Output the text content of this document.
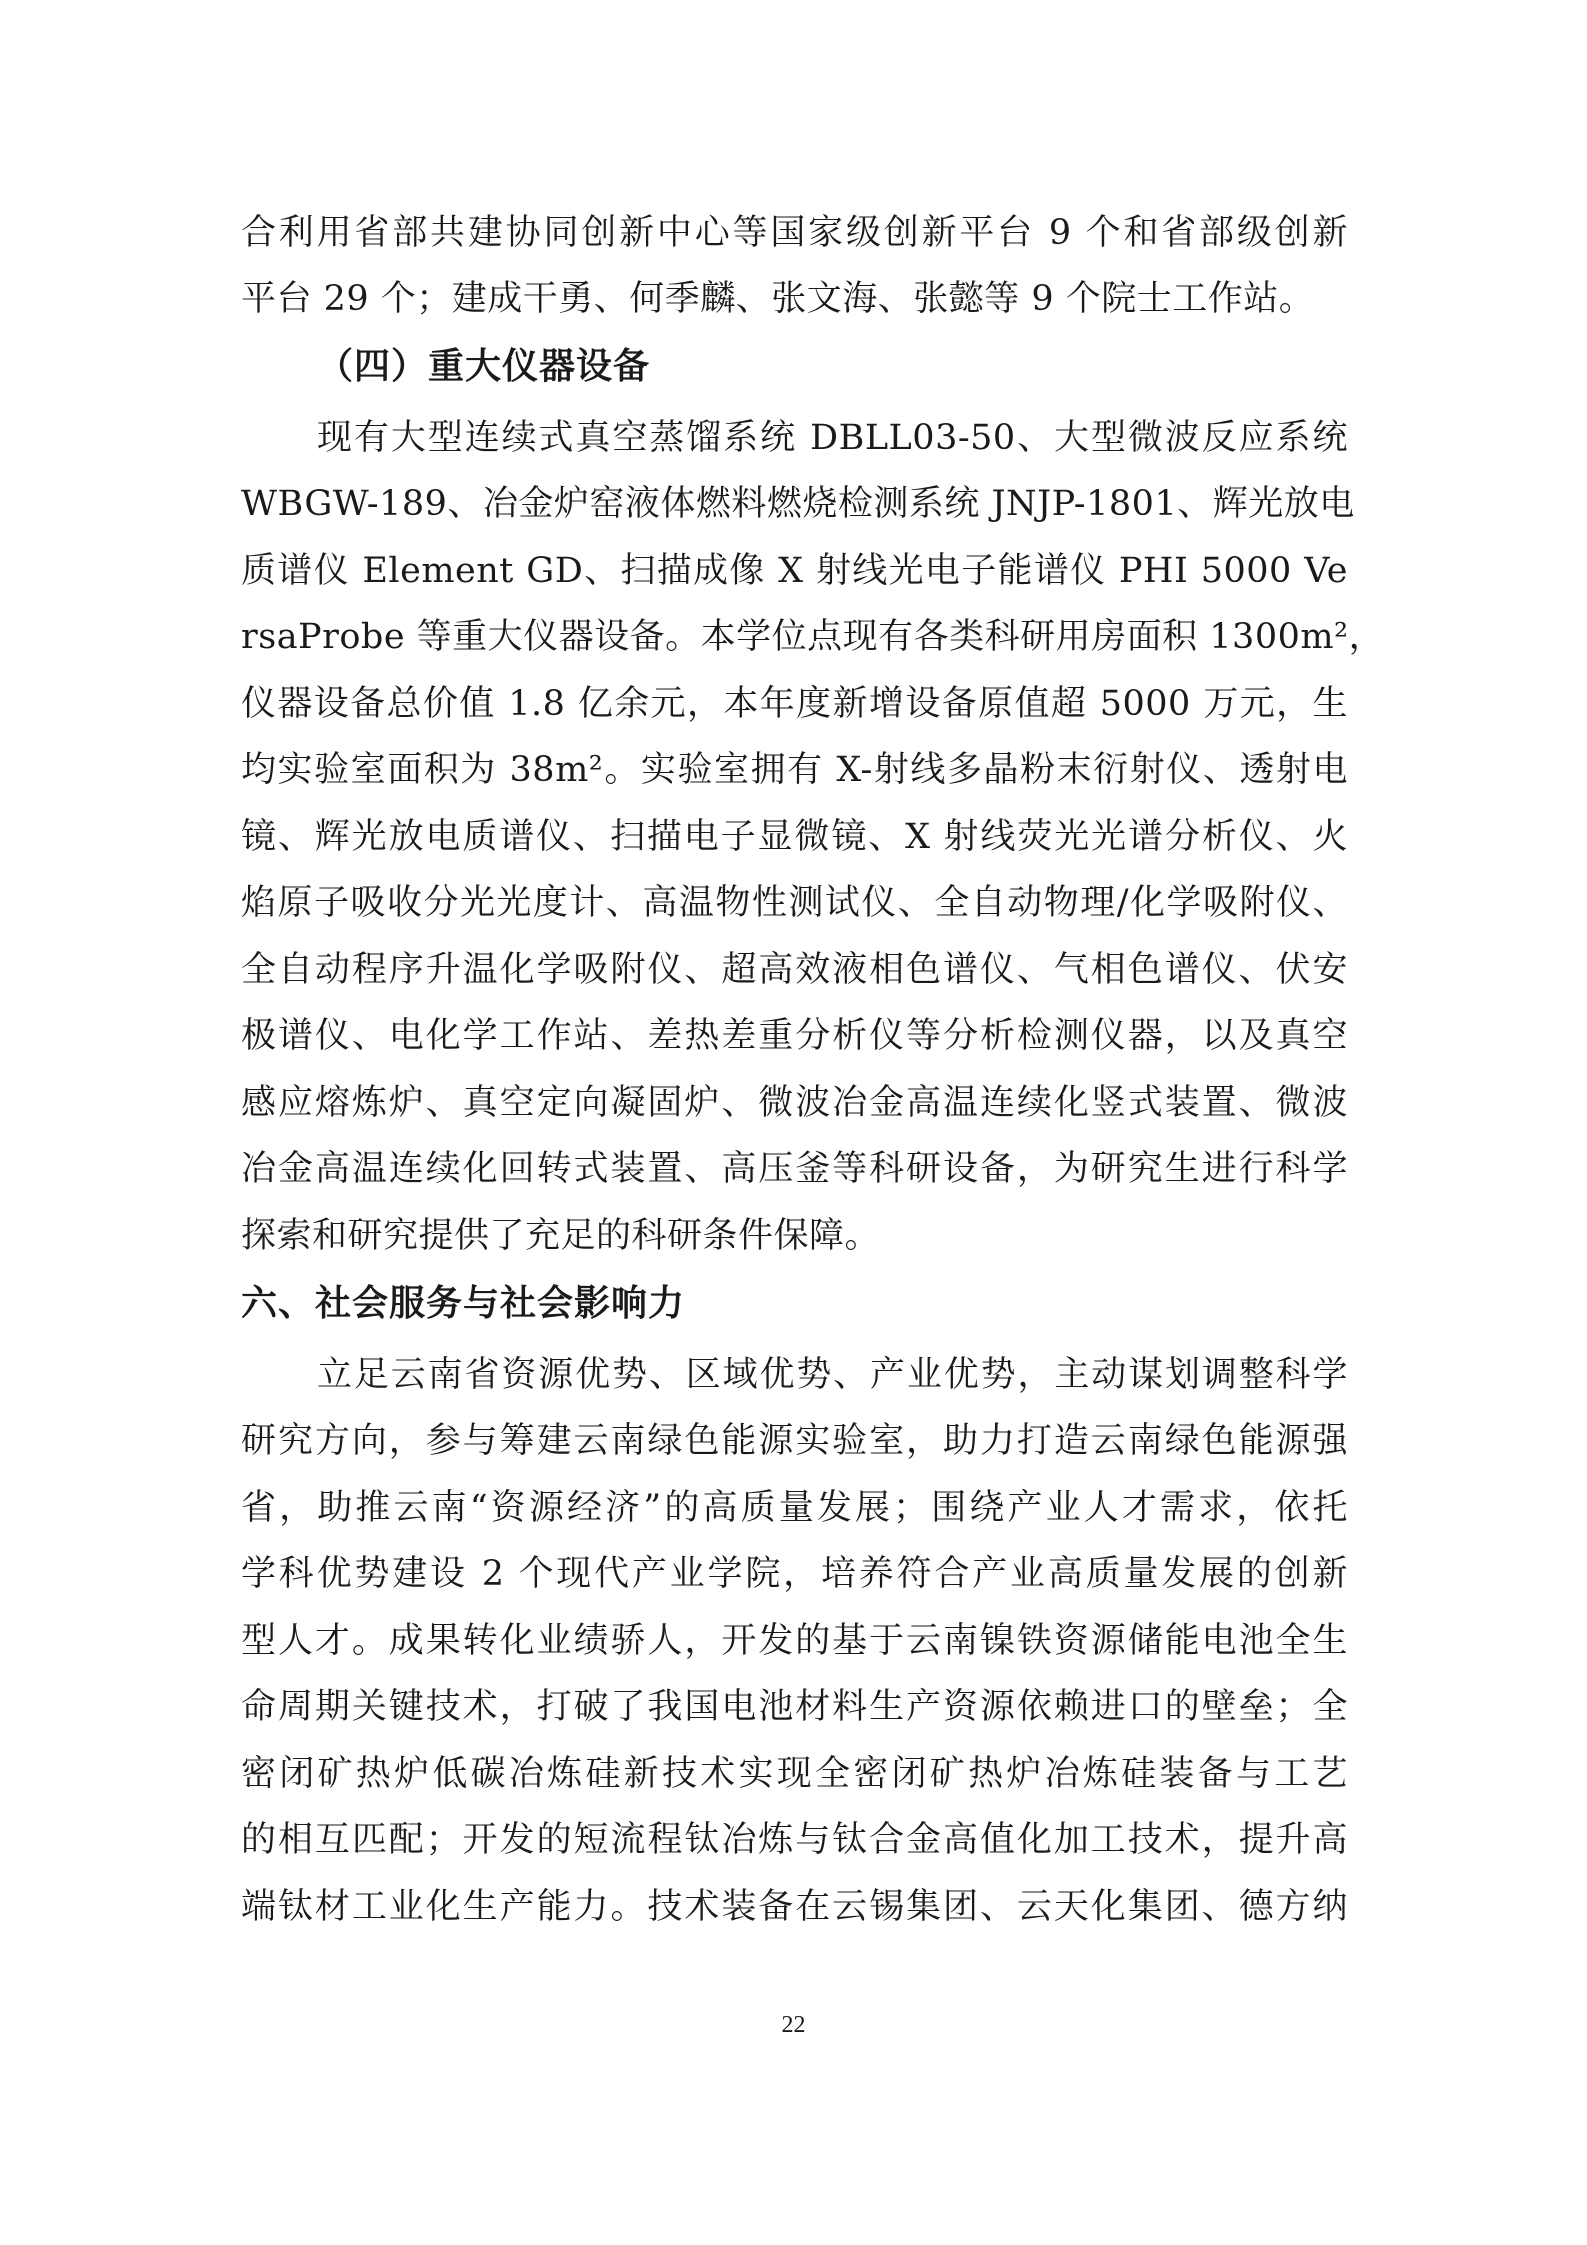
合利用省部共建协同创新中心等国家级创新平台 9 个和省部级创新
平台 29 个；建成干勇、何季麟、张文海、张懿等 9 个院士工作站。
（四）重大仪器设备
现有大型连续式真空蒸馏系统 DBLL03-50、大型微波反应系统
WBGW-189、冶金炉窑液体燃料燃烧检测系统 JNJP-1801、辉光放电
质谱仪 Element GD、扫描成像 X 射线光电子能谱仪 PHI 5000 Ve
rsaProbe 等重大仪器设备。本学位点现有各类科研用房面积 1300m²，
仪器设备总价值 1.8 亿余元，本年度新增设备原值超 5000 万元，生
均实验室面积为 38m²。实验室拥有 X-射线多晶粉末衍射仪、透射电
镜、辉光放电质谱仪、扫描电子显微镜、X 射线荧光光谱分析仪、火
焰原子吸收分光光度计、高温物性测试仪、全自动物理/化学吸附仪、
全自动程序升温化学吸附仪、超高效液相色谱仪、气相色谱仪、伏安
极谱仪、电化学工作站、差热差重分析仪等分析检测仪器，以及真空
感应熔炼炉、真空定向凝固炉、微波冶金高温连续化竖式装置、微波
冶金高温连续化回转式装置、高压釜等科研设备，为研究生进行科学
探索和研究提供了充足的科研条件保障。
六、社会服务与社会影响力
立足云南省资源优势、区域优势、产业优势，主动谋划调整科学
研究方向，参与筹建云南绿色能源实验室，助力打造云南绿色能源强
省，助推云南“资源经济”的高质量发展；围绕产业人才需求，依托
学科优势建设 2 个现代产业学院，培养符合产业高质量发展的创新
型人才。成果转化业绩骄人，开发的基于云南镍铁资源储能电池全生
命周期关键技术，打破了我国电池材料生产资源依赖进口的壁垒；全
密闭矿热炉低碳冶炼硅新技术实现全密闭矿热炉冶炼硅装备与工艺
的相互匹配；开发的短流程钛冶炼与钛合金高值化加工技术，提升高
端钛材工业化生产能力。技术装备在云锡集团、云天化集团、德方纳
22
